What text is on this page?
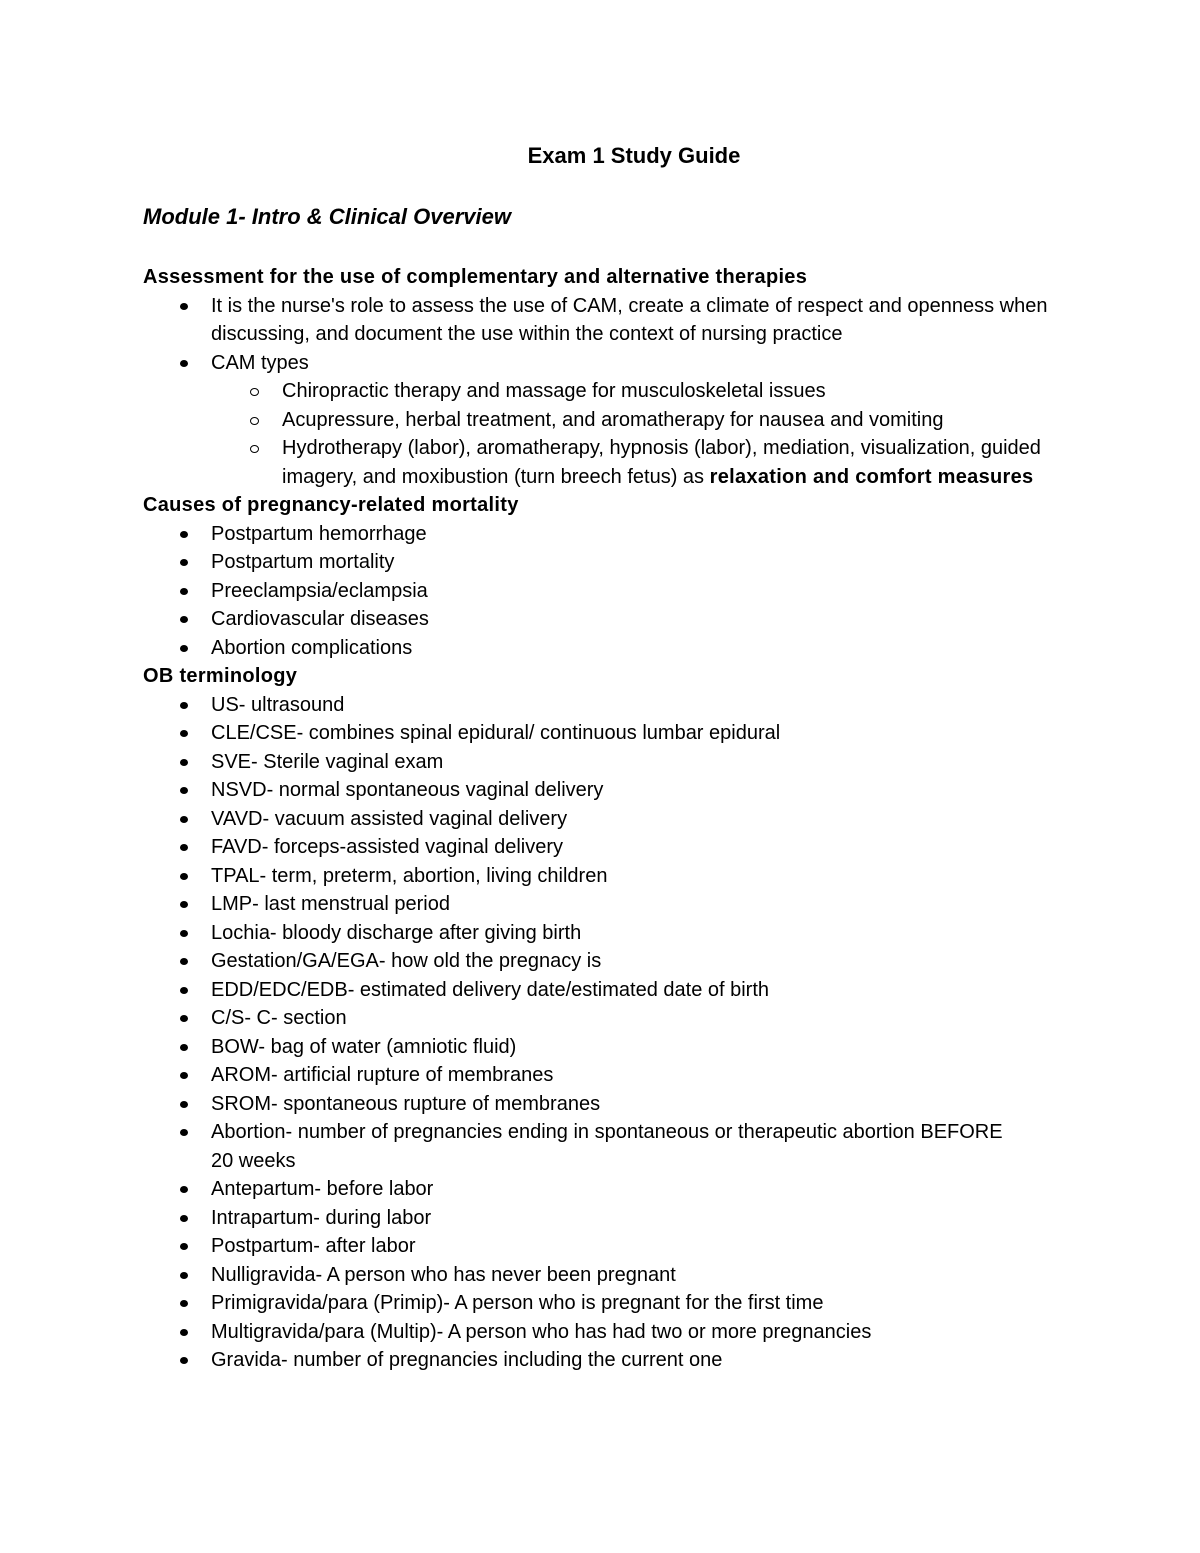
Exam 1 Study Guide
Module 1- Intro & Clinical Overview

Assessment for the use of complementary and alternative therapies

It is the nurse's role to assess the use of CAM, create a climate of respect and openness when discussing, and document the use within the context of nursing practice
CAM types
Chiropractic therapy and massage for musculoskeletal issues
Acupressure, herbal treatment, and aromatherapy for nausea and vomiting
Hydrotherapy (labor), aromatherapy, hypnosis (labor), mediation, visualization, guided imagery, and moxibustion (turn breech fetus) as relaxation and comfort measures

Causes of pregnancy-related mortality

Postpartum hemorrhage
Postpartum mortality
Preeclampsia/eclampsia
Cardiovascular diseases
Abortion complications

OB terminology

US- ultrasound
CLE/CSE- combines spinal epidural/ continuous lumbar epidural
SVE- Sterile vaginal exam
NSVD- normal spontaneous vaginal delivery
VAVD- vacuum assisted vaginal delivery
FAVD- forceps-assisted vaginal delivery
TPAL- term, preterm, abortion, living children
LMP- last menstrual period
Lochia- bloody discharge after giving birth
Gestation/GA/EGA- how old the pregnacy is
EDD/EDC/EDB- estimated delivery date/estimated date of birth
C/S- C- section
BOW- bag of water (amniotic fluid)
AROM- artificial rupture of membranes
SROM- spontaneous rupture of membranes
Abortion- number of pregnancies ending in spontaneous or therapeutic abortion BEFORE 20 weeks
Antepartum- before labor
Intrapartum- during labor
Postpartum- after labor
Nulligravida- A person who has never been pregnant
Primigravida/para (Primip)- A person who is pregnant for the first time
Multigravida/para (Multip)- A person who has had two or more pregnancies
Gravida- number of pregnancies including the current one
